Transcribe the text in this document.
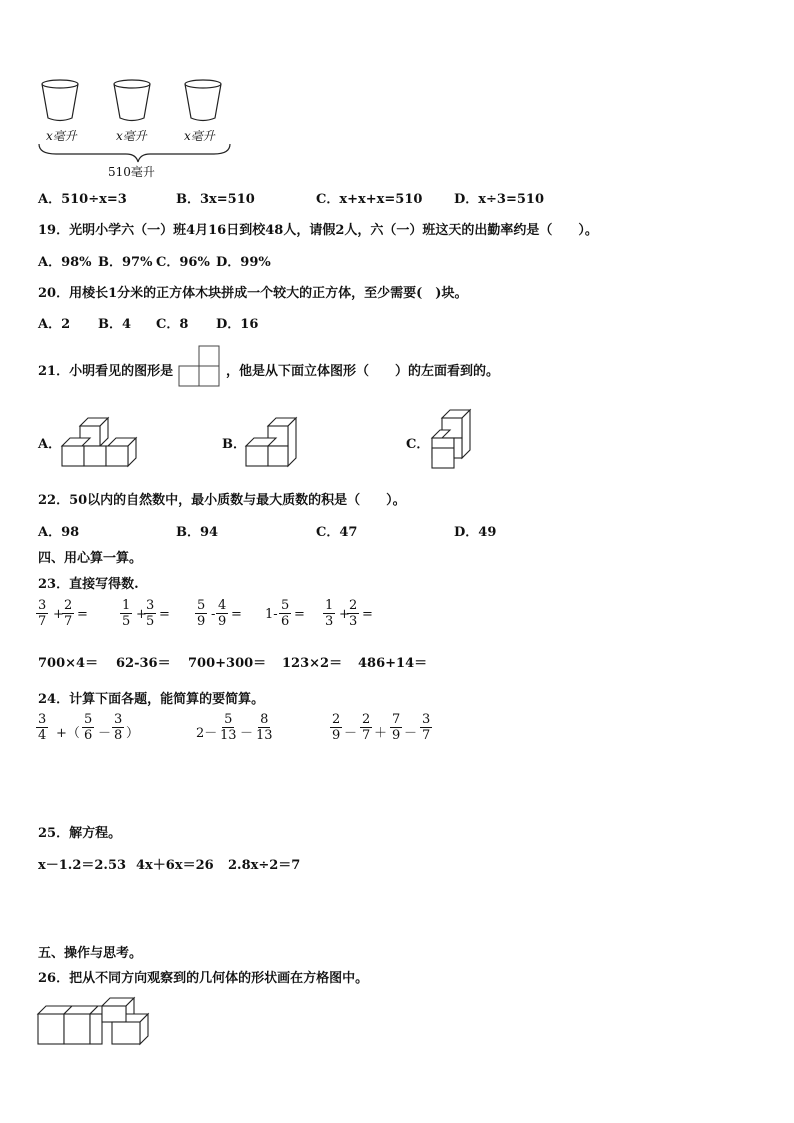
x毫升	x毫升	x毫升
510毫升
A．510÷x=3	B．3x=510	C．x+x+x=510 D．x÷3=510
19．光明小学六（一）班4月16日到校48人，请假2人，六（一）班这天的出勤率约是（　　）。
A．98% B．97% C．96% D．99%
20．用棱长1分米的正方体木块拼成一个较大的正方体，至少需要(　)块。
A．2 B．4 C．8 D．16
21．小明看见的图形是	，他是从下面立体图形（　　）的左面看到的。
A．	B．	C．
22．50以内的自然数中，最小质数与最大质数的积是（　　）。
A．98	B．94	C．47	D．49
四、用心算一算。
23．直接写得数.
$\frac{3}{7}$ +
$\frac{2}{7} = \frac{1}{5}$ +
$\frac{3}{5} = \frac{5}{9} - \frac{4}{9} = 1- \frac{5}{6} = \frac{1}{3}$ +
$\frac{2}{3}$ =
700×4＝ 62-36＝ 700+300＝ 123×2＝ 486+14＝
24．计算下面各题，能简算的要简算。
$\frac{3}{4}$ +（ $\frac{5}{6} - \frac{3}{8}$ ）	$2- \frac{5}{13} - \frac{8}{13}$	$\frac{2}{9} - \frac{2}{7} + \frac{7}{9} - \frac{3}{7}$
25．解方程。
x－1.2＝2.53 4x＋6x＝26 2.8x÷2＝7
五、操作与思考。
26．把从不同方向观察到的几何体的形状画在方格图中。
